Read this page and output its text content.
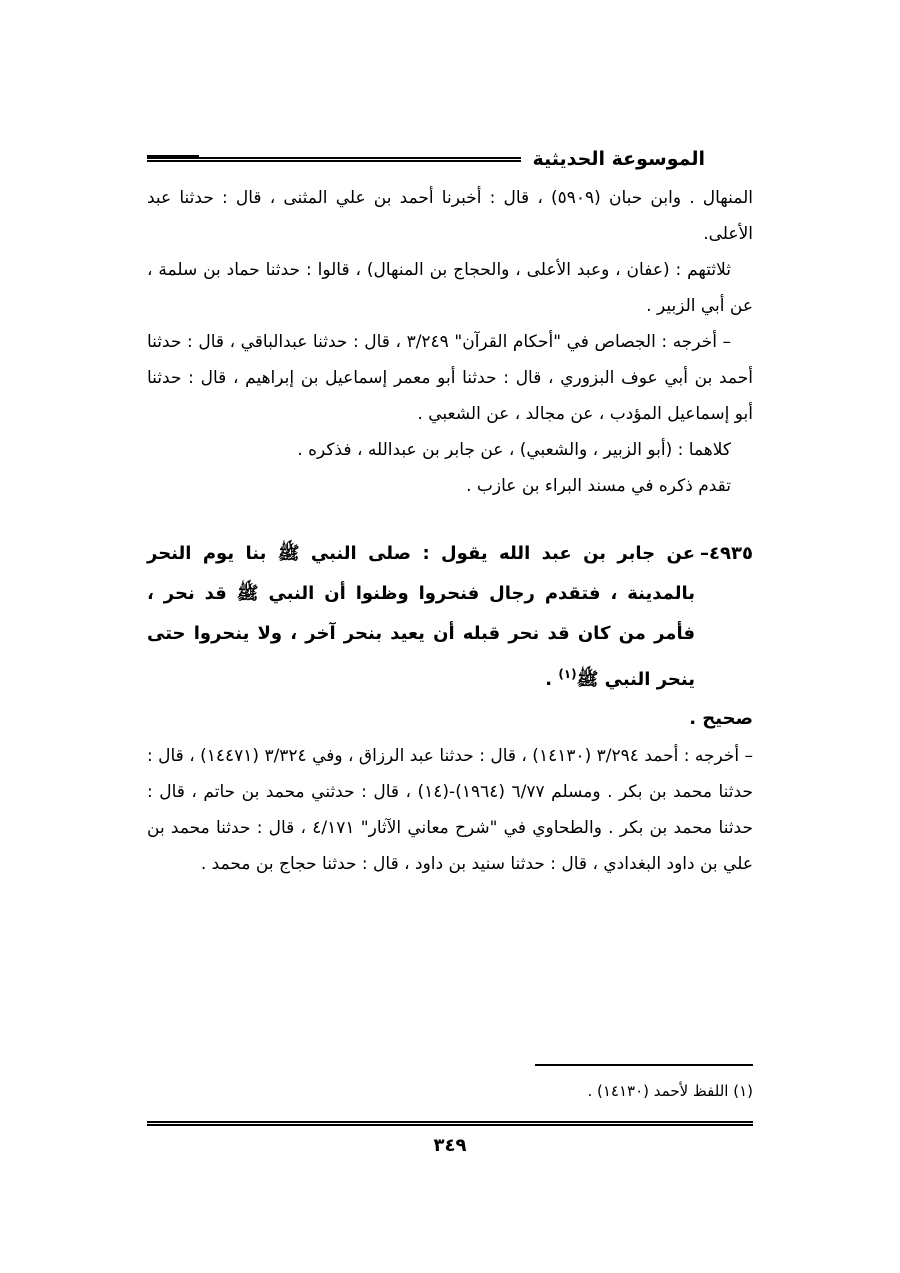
الموسوعة الحديثية

المنهال . وابن حبان (٥٩٠٩) ، قال : أخبرنا أحمد بن علي المثنى ، قال : حدثنا عبد الأعلى.

ثلاثتهم : (عفان ، وعبد الأعلى ، والحجاج بن المنهال) ، قالوا : حدثنا حماد بن سلمة ، عن أبي الزبير .

– أخرجه : الجصاص في "أحكام القرآن" ٣/٢٤٩ ، قال : حدثنا عبدالباقي ، قال : حدثنا أحمد بن أبي عوف البزوري ، قال : حدثنا أبو معمر إسماعيل بن إبراهيم ، قال : حدثنا أبو إسماعيل المؤدب ، عن مجالد ، عن الشعبي .

كلاهما : (أبو الزبير ، والشعبي) ، عن جابر بن عبدالله ، فذكره .

تقدم ذكره في مسند البراء بن عازب .

٤٩٣٥–
عن جابر بن عبد الله يقول : صلى النبي ﷺ بنا يوم النحر بالمدينة ، فتقدم رجال فنحروا وظنوا أن النبي ﷺ قد نحر ، فأمر من كان قد نحر قبله أن يعيد بنحر آخر ، ولا ينحروا حتى ينحر النبي ﷺ$^{(١)}$ .

صحيح .

– أخرجه : أحمد ٣/٢٩٤ (١٤١٣٠) ، قال : حدثنا عبد الرزاق ، وفي ٣/٣٢٤ (١٤٤٧١) ، قال : حدثنا محمد بن بكر . ومسلم ٦/٧٧ (١٩٦٤)-(١٤) ، قال : حدثني محمد بن حاتم ، قال : حدثنا محمد بن بكر . والطحاوي في "شرح معاني الآثار" ٤/١٧١ ، قال : حدثنا محمد بن علي بن داود البغدادي ، قال : حدثنا سنيد بن داود ، قال : حدثنا حجاج بن محمد .

(١) اللفظ لأحمد (١٤١٣٠) .
٣٤٩
